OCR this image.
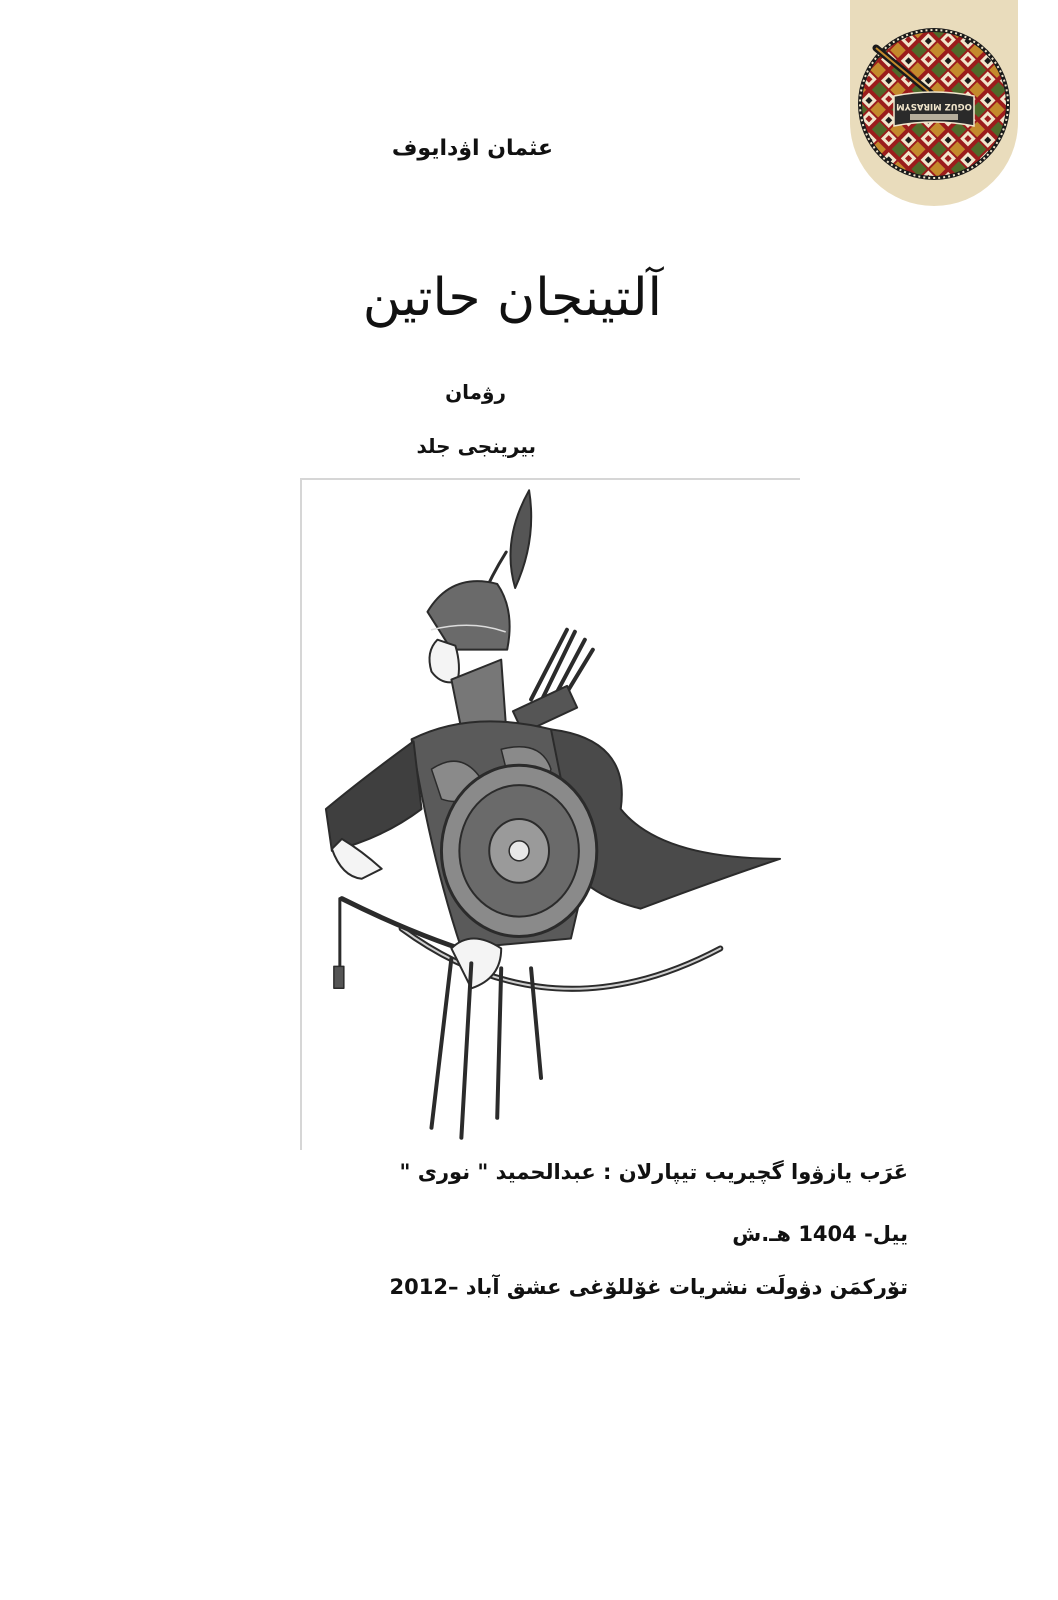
OGUZ MIRASYM
عثمان اۋدایوف
آلتینجان حاتین
رۋمان
بیرینجی جلد
عَرَب یازۋوا گچیریب تیپارلان : عبدالحمید " نوری "
ییل- 1404 هـ.ش
تۆرکمَن دۋولَت نشریات غۆللۆغی عشق آباد –2012
